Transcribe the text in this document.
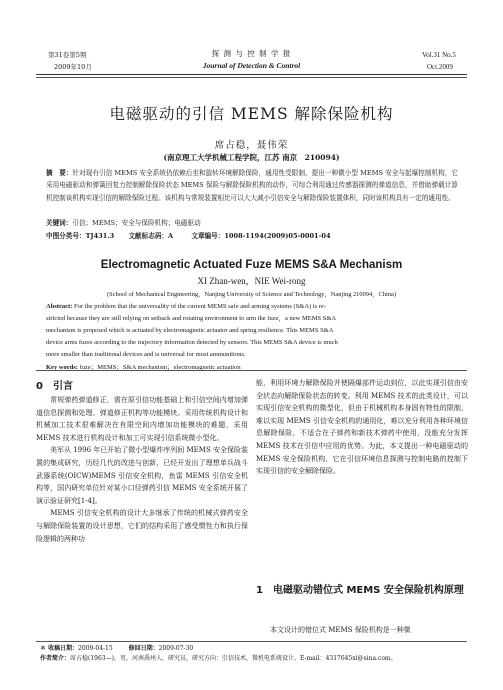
第31卷第5期
2009年10月
探 测 与 控 制 学 报
Journal of Detection & Control
Vol.31 No.5
Oct.2009
电磁驱动的引信 MEMS 解除保险机构
席占稳，聂伟荣
(南京理工大学机械工程学院，江苏 南京　210094)
摘　要：针对现有引信 MEMS 安全系统仍依赖后坐和旋转环境解除保险，通用性受限制，提出一种微小型 MEMS 安全与起爆控制机构，它采用电磁驱动和弹簧回复力控制解除保险状态 MEMS 保险与解除保险机构的动作，可综合利用通过传感器探测的弹道信息，并借助弹载计算机控制该机构实现引信的解除保险过程。该机构与常规装置相比可以大大减小引信安全与解除保险装置体积，同时该机构具有一定的通用性。
关键词：引信；MEMS；安全与保险机构；电磁驱动
中图分类号：TJ431.3 文献标志码：A	文章编号：1008-1194(2009)05-0001-04
Electromagnetic Actuated Fuze MEMS S&A Mechanism
XI Zhan-wen，NIE Wei-rong
(School of Mechanical Engineering，Nanjing University of Science and Technology，Nanjing 210094，China)
Abstract: For the problem that the universality of the current MEMS safe and arming systems (S&A) is re-
stricted because they are still relying on setback and rotating environment to arm the fuze，a new MEMS S&A
mechanism is proposed which is actuated by electromagnetic actuator and spring resilience. This MEMS S&A
device arms fuzes according to the trajectory information detected by sensors. This MEMS S&A device is much
more smaller than traditional devices and is universal for most ammunitions.
Key words: fuze；MEMS；S&A mechanism；electromagnetic actuation
0　引言
　　常规弹药弹道修正，需在原引信功能基础上和引信空间内增加弹道信息探测和处理、弹道修正机构等功能模块。采用传统机构设计和机械加工技术很难解决在有限空间内增加功能模块的难题，采用 MEMS 技术进行机构设计和加工可实现引信系统微小型化。
　　美军从 1996 年已开始了微小型爆炸序列间 MEMS 安全保险装置的集成研究，历经几代的改进与创新，已经开发出了理想单兵战斗武器系统(OICW)MEMS 引信安全机构，鱼雷 MEMS 引信安全机构等，国内研究单位针对某小口径弹药引信 MEMS 安全系统开展了演示验证研究[1-4]。
　　MEMS 引信安全机构的设计大多继承了传统的机械式弹药安全与解除保险装置的设计思想，它们的结构采用了感受惯性力和执行保险逻辑的两种功
能，利用环境力解除保险并使隔爆部件运动到位，以此实现引信由安全状态向解除保险状态的转变。利用 MEMS 技术的此类设计，可以实现引信安全机构的微型化，但由于机械机构本身固有特性的限制，难以实现 MEMS 引信安全机构的通用化，难以充分利用各种环境信息解除保险，不适合在子弹药和新技术弹药中使用，没能充分发挥 MEMS 技术在引信中应用的优势。为此，本文提出一种电磁驱动的 MEMS 安全保险机构，它在引信环境信息探测与控制电路的控制下实现引信的安全解除保险。
1　电磁驱动错位式 MEMS 安全保险机构原理
　　本文设计的错位式 MEMS 保险机构是一种微
＊ 收稿日期：2009-04-15	修回日期：2009-07-30
作者简介：席占稳(1963—)，男，河南禹州人，研究员，研究方向：引信技术，微机电系统设计。E-mail：4317645xi@sina.com。
